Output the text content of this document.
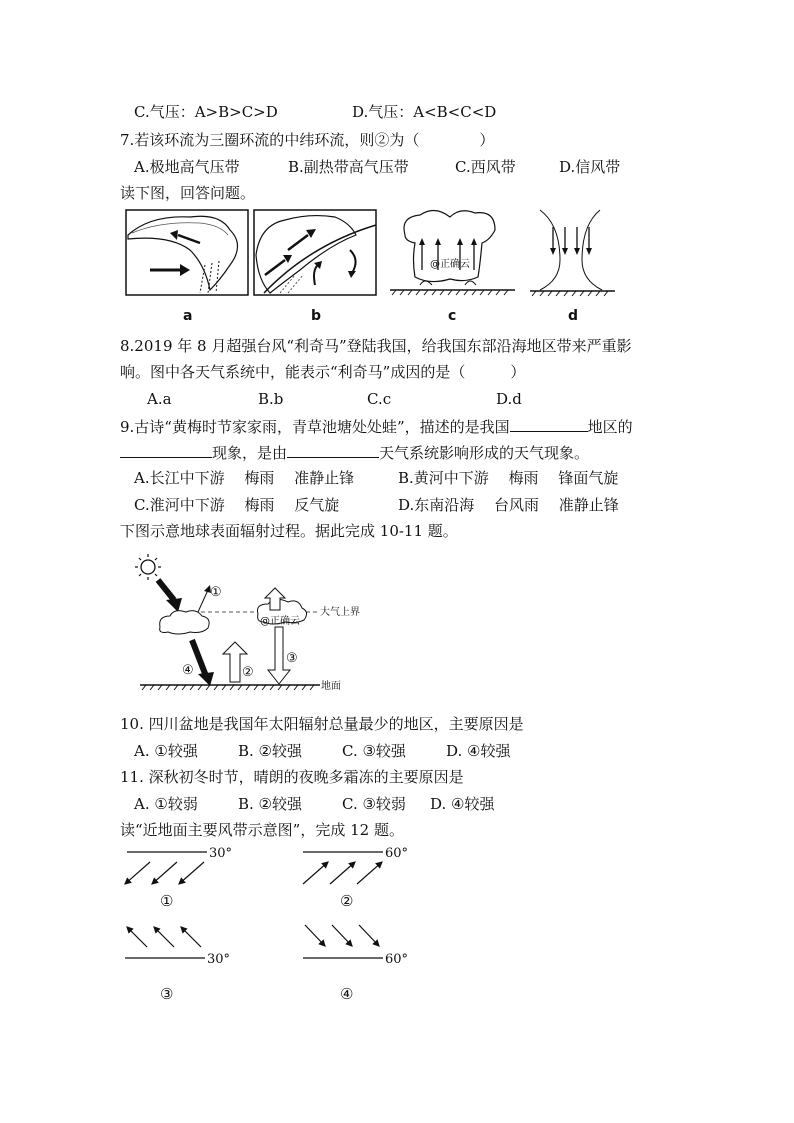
C.气压：A>B>C>D	D.气压：A<B<C<D
7.若该环流为三圈环流的中纬环流，则②为（　　　　）
A.极地高气压带	B.副热带高气压带	C.西风带	D.信风带
读下图，回答问题。
@正确云
a	b	c	d
8.2019 年 8 月超强台风“利奇马”登陆我国，给我国东部沿海地区带来严重影
响。图中各天气系统中，能表示“利奇马”成因的是（　　　）
A.a	B.b	C.c	D.d
9.古诗“黄梅时节家家雨，青草池塘处处蛙”，描述的是我国	地区的
现象，是由	天气系统影响形成的天气现象。
A.长江中下游　 梅雨　 准静止锋	B.黄河中下游　 梅雨　 锋面气旋
C.淮河中下游　 梅雨　 反气旋	D.东南沿海　 台风雨　 准静止锋
下图示意地球表面辐射过程。据此完成 10-11 题。
①
@正确云
③
②
④
大气上界
地面
10. 四川盆地是我国年太阳辐射总量最少的地区，主要原因是
A. ①较强	B. ②较强	C. ③较强	D. ④较强
11. 深秋初冬时节，晴朗的夜晚多霜冻的主要原因是
A. ①较弱	B. ②较强	C. ③较弱 D. ④较强
读“近地面主要风带示意图”，完成 12 题。
30°
①
60°
②
30°
③
60°
④
